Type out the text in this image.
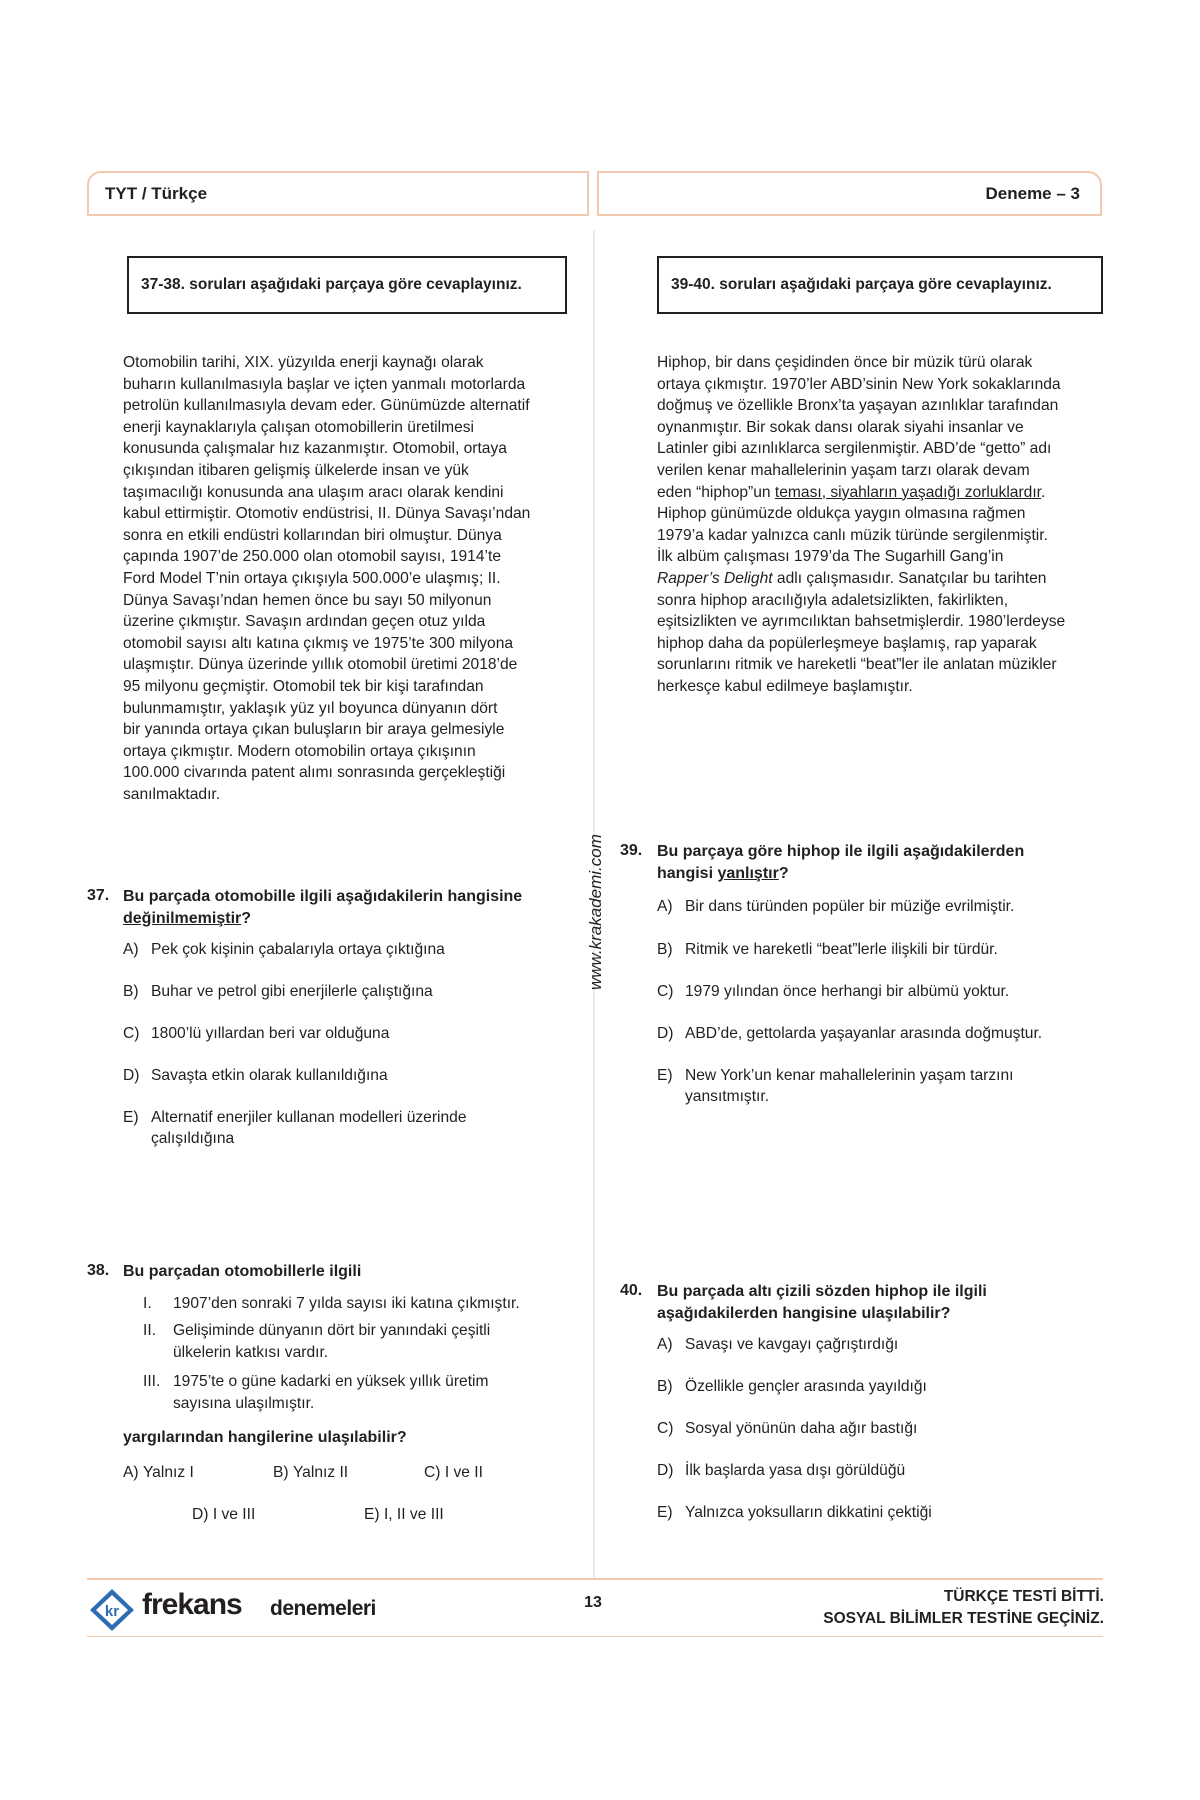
TYT / Türkçe	Deneme – 3
37-38. soruları aşağıdaki parçaya göre cevaplayınız.	39-40. soruları aşağıdaki parçaya göre cevaplayınız.
Otomobilin tarihi, XIX. yüzyılda enerji kaynağı olarak
buharın kullanılmasıyla başlar ve içten yanmalı motorlarda
petrolün kullanılmasıyla devam eder. Günümüzde alternatif
enerji kaynaklarıyla çalışan otomobillerin üretilmesi
konusunda çalışmalar hız kazanmıştır. Otomobil, ortaya
çıkışından itibaren gelişmiş ülkelerde insan ve yük
taşımacılığı konusunda ana ulaşım aracı olarak kendini
kabul ettirmiştir. Otomotiv endüstrisi, II. Dünya Savaşı’ndan
sonra en etkili endüstri kollarından biri olmuştur. Dünya
çapında 1907’de 250.000 olan otomobil sayısı, 1914’te
Ford Model T’nin ortaya çıkışıyla 500.000’e ulaşmış; II.
Dünya Savaşı’ndan hemen önce bu sayı 50 milyonun
üzerine çıkmıştır. Savaşın ardından geçen otuz yılda
otomobil sayısı altı katına çıkmış ve 1975’te 300 milyona
ulaşmıştır. Dünya üzerinde yıllık otomobil üretimi 2018’de
95 milyonu geçmiştir. Otomobil tek bir kişi tarafından
bulunmamıştır, yaklaşık yüz yıl boyunca dünyanın dört
bir yanında ortaya çıkan buluşların bir araya gelmesiyle
ortaya çıkmıştır. Modern otomobilin ortaya çıkışının
100.000 civarında patent alımı sonrasında gerçekleştiği
sanılmaktadır.
Hiphop, bir dans çeşidinden önce bir müzik türü olarak
ortaya çıkmıştır. 1970’ler ABD’sinin New York sokaklarında
doğmuş ve özellikle Bronx’ta yaşayan azınlıklar tarafından
oynanmıştır. Bir sokak dansı olarak siyahi insanlar ve
Latinler gibi azınlıklarca sergilenmiştir. ABD’de “getto” adı
verilen kenar mahallelerinin yaşam tarzı olarak devam
eden “hiphop”un teması, siyahların yaşadığı zorluklardır.
Hiphop günümüzde oldukça yaygın olmasına rağmen
1979’a kadar yalnızca canlı müzik türünde sergilenmiştir.
İlk albüm çalışması 1979’da The Sugarhill Gang’in
Rapper’s Delight adlı çalışmasıdır. Sanatçılar bu tarihten
sonra hiphop aracılığıyla adaletsizlikten, fakirlikten,
eşitsizlikten ve ayrımcılıktan bahsetmişlerdir. 1980’lerdeyse
hiphop daha da popülerleşmeye başlamış, rap yaparak
sorunlarını ritmik ve hareketli “beat”ler ile anlatan müzikler
herkesçe kabul edilmeye başlamıştır.
www.krakademi.com
37. Bu parçada otomobille ilgili aşağıdakilerin hangisine
değinilmemiştir?
A) Pek çok kişinin çabalarıyla ortaya çıktığına
B) Buhar ve petrol gibi enerjilerle çalıştığına
C) 1800’lü yıllardan beri var olduğuna
D) Savaşta etkin olarak kullanıldığına
E) Alternatif enerjiler kullanan modelleri üzerinde
çalışıldığına
38. Bu parçadan otomobillerle ilgili
I.	1907’den sonraki 7 yılda sayısı iki katına çıkmıştır.
II.	Gelişiminde dünyanın dört bir yanındaki çeşitli
ülkelerin katkısı vardır.
III. 1975’te o güne kadarki en yüksek yıllık üretim
sayısına ulaşılmıştır.
yargılarından hangilerine ulaşılabilir?
A)
Yalnız I	B)
Yalnız II	C)
I ve II
D)
I ve III	E)
I, II ve III
39. Bu parçaya göre hiphop ile ilgili aşağıdakilerden
hangisi yanlıştır?
A) Bir dans türünden popüler bir müziğe evrilmiştir.
B) Ritmik ve hareketli “beat”lerle ilişkili bir türdür.
C) 1979 yılından önce herhangi bir albümü yoktur.
D) ABD’de, gettolarda yaşayanlar arasında doğmuştur.
E) New York’un kenar mahallelerinin yaşam tarzını
yansıtmıştır.
40. Bu parçada altı çizili sözden hiphop ile ilgili
aşağıdakilerden hangisine ulaşılabilir?
A) Savaşı ve kavgayı çağrıştırdığı
B) Özellikle gençler arasında yayıldığı
C) Sosyal yönünün daha ağır bastığı
D) İlk başlarda yasa dışı görüldüğü
E) Yalnızca yoksulların dikkatini çektiği
kr frekans denemeleri	13	TÜRKÇE TESTİ BİTTİ.
SOSYAL BİLİMLER TESTİNE GEÇİNİZ.
